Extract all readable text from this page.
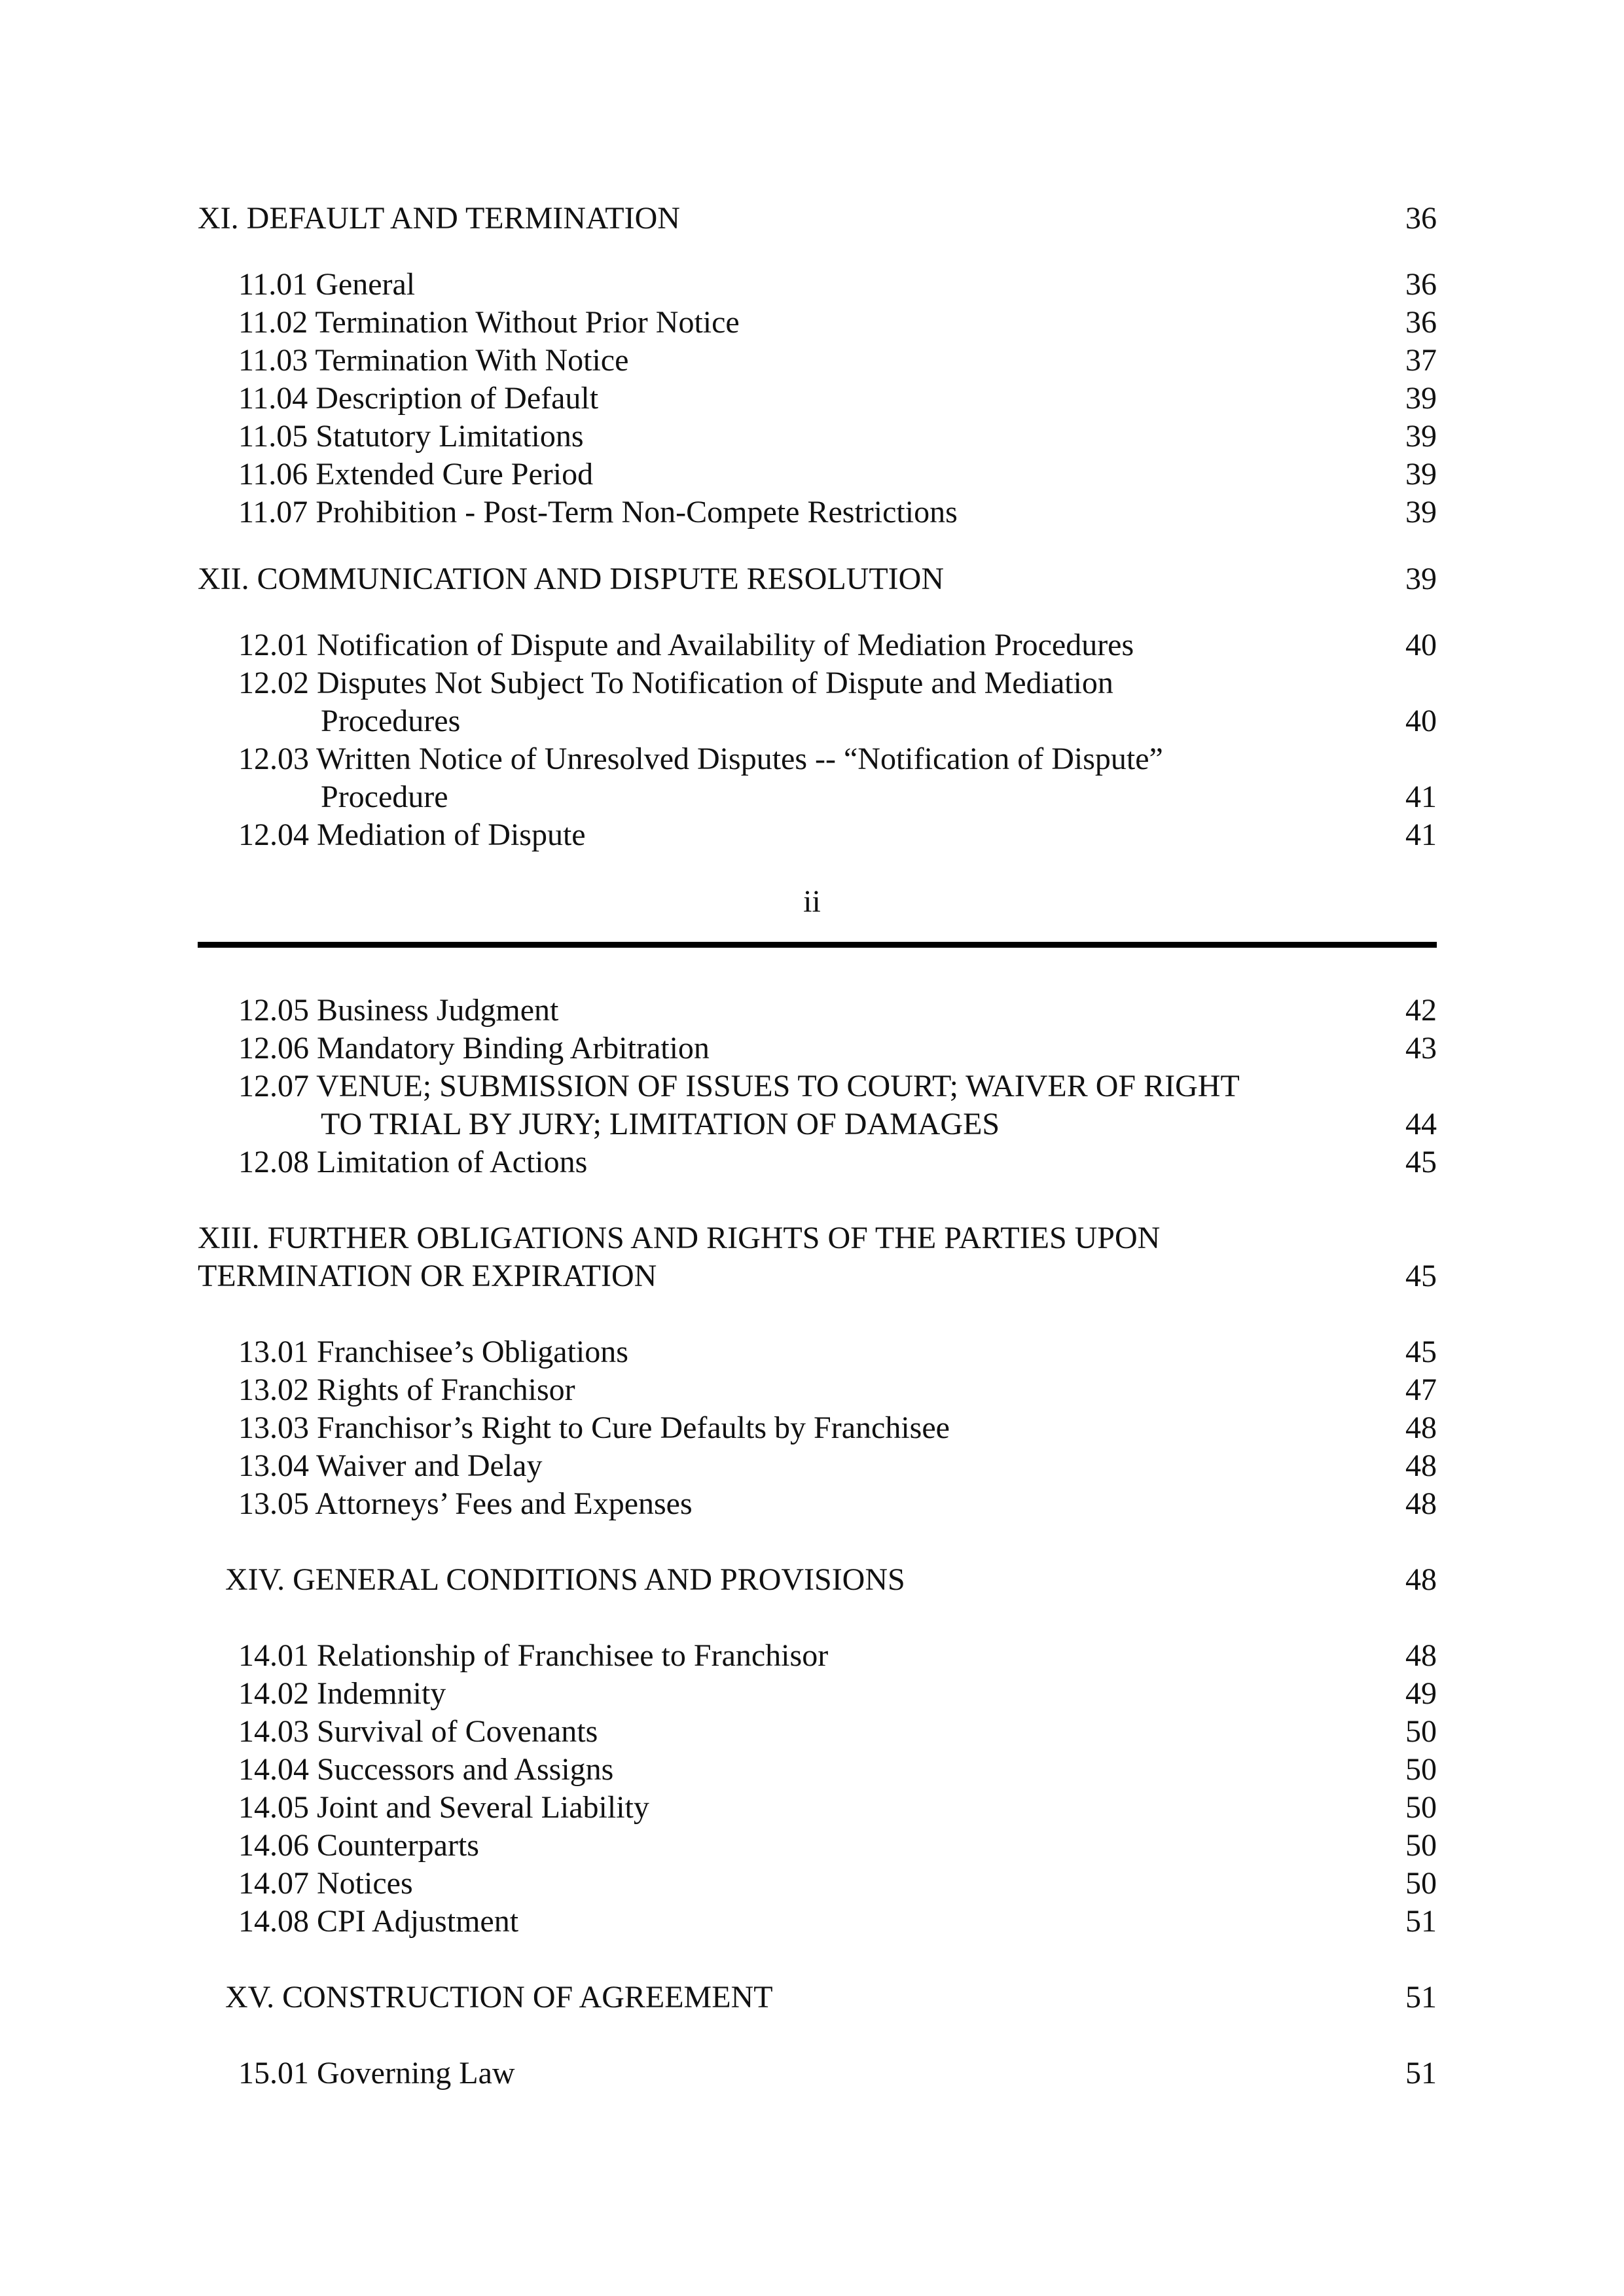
XI. DEFAULT AND TERMINATION	36
11.01 General	36
11.02 Termination Without Prior Notice	36
11.03 Termination With Notice	37
11.04 Description of Default	39
11.05 Statutory Limitations	39
11.06 Extended Cure Period	39
11.07 Prohibition - Post-Term Non-Compete Restrictions	39
XII. COMMUNICATION AND DISPUTE RESOLUTION	39
12.01 Notification of Dispute and Availability of Mediation Procedures	40
12.02 Disputes Not Subject To Notification of Dispute and Mediation
Procedures	40
12.03 Written Notice of Unresolved Disputes -- “Notification of Dispute”
Procedure	41
12.04 Mediation of Dispute	41
ii
12.05 Business Judgment	42
12.06 Mandatory Binding Arbitration	43
12.07 VENUE; SUBMISSION OF ISSUES TO COURT; WAIVER OF RIGHT
TO TRIAL BY JURY; LIMITATION OF DAMAGES	44
12.08 Limitation of Actions	45
XIII. FURTHER OBLIGATIONS AND RIGHTS OF THE PARTIES UPON
TERMINATION OR EXPIRATION	45
13.01 Franchisee’s Obligations	45
13.02 Rights of Franchisor	47
13.03 Franchisor’s Right to Cure Defaults by Franchisee	48
13.04 Waiver and Delay	48
13.05 Attorneys’ Fees and Expenses	48
XIV. GENERAL CONDITIONS AND PROVISIONS	48
14.01 Relationship of Franchisee to Franchisor	48
14.02 Indemnity	49
14.03 Survival of Covenants	50
14.04 Successors and Assigns	50
14.05 Joint and Several Liability	50
14.06 Counterparts	50
14.07 Notices	50
14.08 CPI Adjustment	51
XV. CONSTRUCTION OF AGREEMENT	51
15.01 Governing Law	51
